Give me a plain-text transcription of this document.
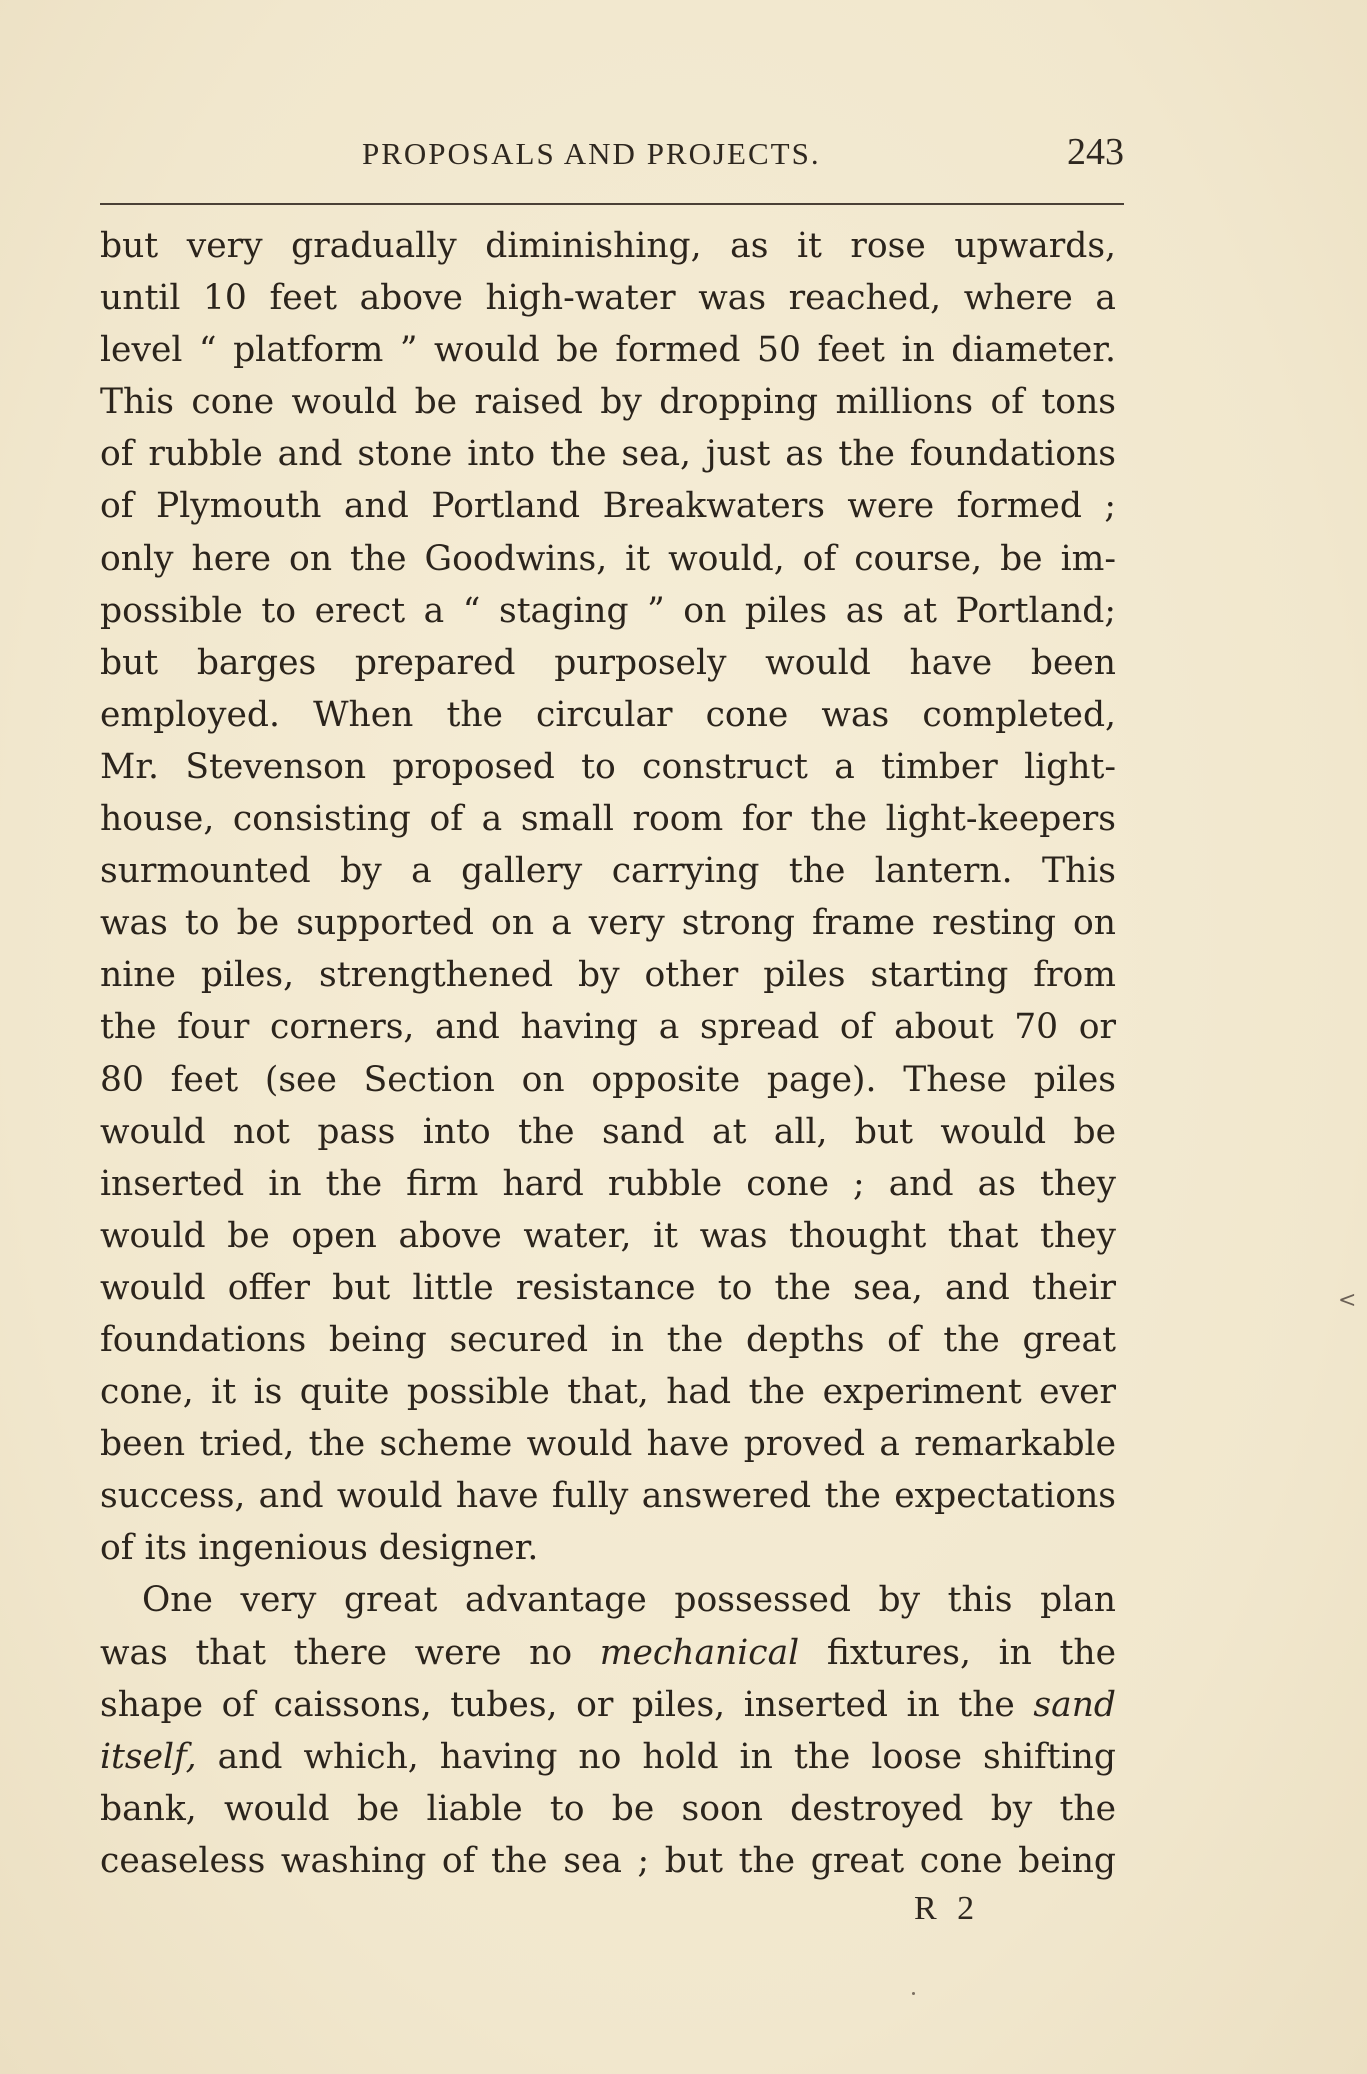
PROPOSALS AND PROJECTS.	243
but very gradually diminishing, as it rose upwards,
until 10 feet above high-water was reached, where a
level “ platform ” would be formed 50 feet in diameter.
This cone would be raised by dropping millions of tons
of rubble and stone into the sea, just as the foundations
of Plymouth and Portland Breakwaters were formed ;
only here on the Goodwins, it would, of course, be im-
possible to erect a “ staging ” on piles as at Portland;
but barges prepared purposely would have been
employed. When the circular cone was completed,
Mr. Stevenson proposed to construct a timber light-
house, consisting of a small room for the light-keepers
surmounted by a gallery carrying the lantern. This
was to be supported on a very strong frame resting on
nine piles, strengthened by other piles starting from
the four corners, and having a spread of about 70 or
80 feet (see Section on opposite page). These piles
would not pass into the sand at all, but would be
inserted in the firm hard rubble cone ; and as they
would be open above water, it was thought that they
would offer but little resistance to the sea, and their
foundations being secured in the depths of the great
cone, it is quite possible that, had the experiment ever
been tried, the scheme would have proved a remarkable
success, and would have fully answered the expectations
of its ingenious designer.
One very great advantage possessed by this plan
was that there were no mechanical fixtures, in the
shape of caissons, tubes, or piles, inserted in the sand
itself, and which, having no hold in the loose shifting
bank, would be liable to be soon destroyed by the
ceaseless washing of the sea ; but the great cone being
R 2
<
